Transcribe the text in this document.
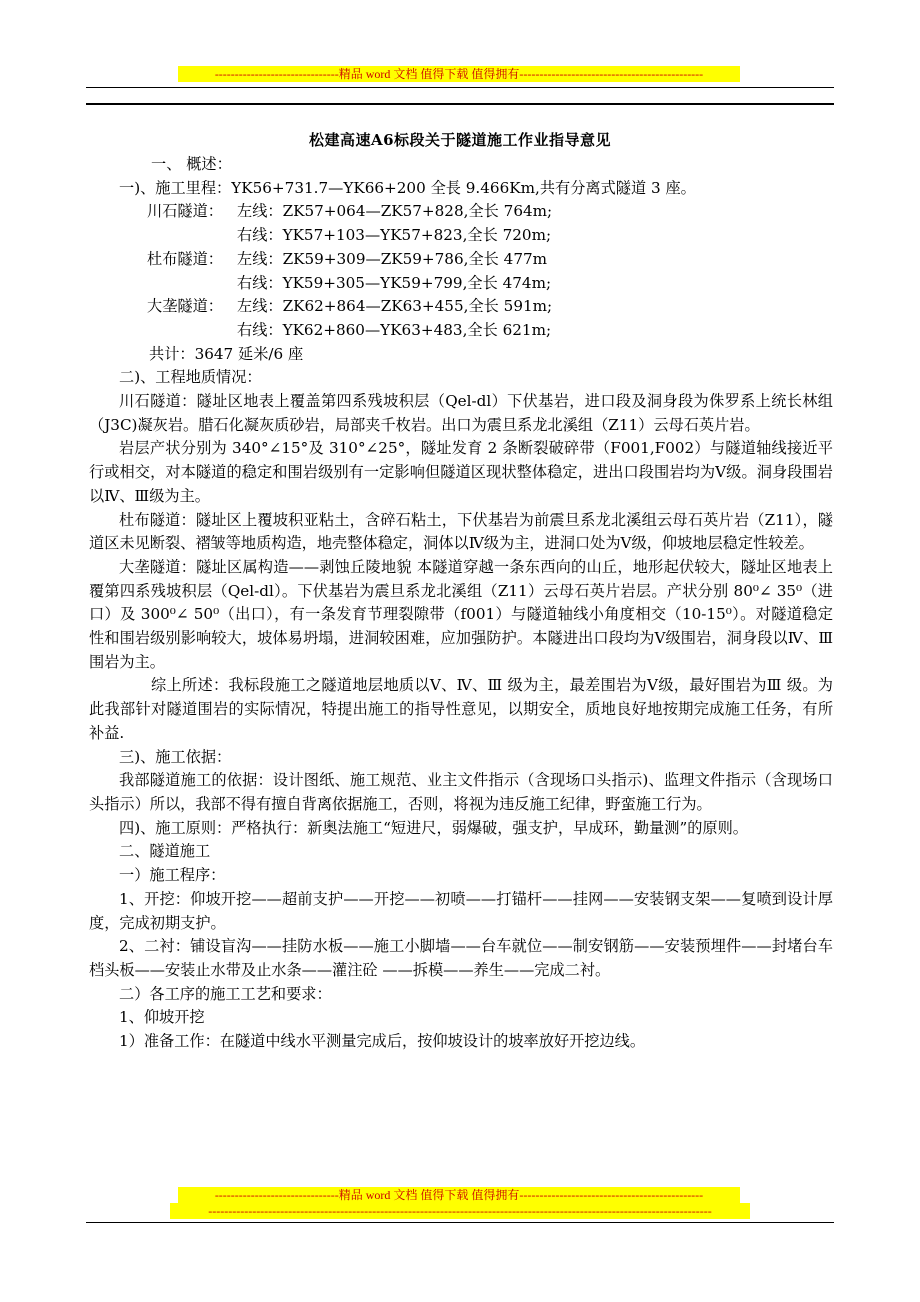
-------------------------------精品 word 文档 值得下载 值得拥有----------------------------------------------
松建高速A6标段关于隧道施工作业指导意见

一、 概述：

一)、施工里程：YK56+731.7—YK66+200 全長 9.466Km,共有分离式隧道 3 座。

川石隧道： 左线：ZK57+064—ZK57+828,全长 764m;
右线：YK57+103—YK57+823,全长 720m;
杜布隧道： 左线：ZK59+309—ZK59+786,全长 477m
右线：YK59+305—YK59+799,全长 474m;
大垄隧道： 左线：ZK62+864—ZK63+455,全长 591m;
右线：YK62+860—YK63+483,全长 621m;

共计：3647 延米/6 座

二)、工程地质情况：

川石隧道：隧址区地表上覆盖第四系残坡积层（Qel-dl）下伏基岩，进口段及洞身段为侏罗系上统长林组（J3C)凝灰岩。腊石化凝灰质砂岩，局部夹千枚岩。出口为震旦系龙北溪组（Z11）云母石英片岩。

岩层产状分别为 340°∠15°及 310°∠25°，隧址发育 2 条断裂破碎带（F001,F002）与隧道轴线接近平行或相交，对本隧道的稳定和围岩级别有一定影响但隧道区现状整体稳定，进出口段围岩均为Ⅴ级。洞身段围岩以Ⅳ、Ⅲ级为主。

杜布隧道：隧址区上覆坡积亚粘土，含碎石粘土，下伏基岩为前震旦系龙北溪组云母石英片岩（Z11），隧道区未见断裂、褶皱等地质构造，地壳整体稳定，洞体以Ⅳ级为主，进洞口处为Ⅴ级，仰坡地层稳定性较差。

大垄隧道：隧址区属构造——剥蚀丘陵地貌 本隧道穿越一条东西向的山丘，地形起伏较大，隧址区地表上覆第四系残坡积层（Qel-dl）。下伏基岩为震旦系龙北溪组（Z11）云母石英片岩层。产状分别 80⁰∠ 35⁰（进口）及 300⁰∠ 50⁰（出口），有一条发育节理裂隙带（f001）与隧道轴线小角度相交（10-15⁰）。对隧道稳定性和围岩级别影响较大，坡体易坍塌，进洞较困难，应加强防护。本隧进出口段均为Ⅴ级围岩，洞身段以Ⅳ、Ⅲ围岩为主。

综上所述：我标段施工之隧道地层地质以Ⅴ、Ⅳ、Ⅲ 级为主，最差围岩为Ⅴ级，最好围岩为Ⅲ 级。为此我部针对隧道围岩的实际情况，特提出施工的指导性意见，以期安全，质地良好地按期完成施工任务，有所补益.

三)、施工依据：

我部隧道施工的依据：设计图纸、施工规范、业主文件指示（含现场口头指示)、监理文件指示（含现场口头指示）所以，我部不得有擅自背离依据施工，否则，将视为违反施工纪律，野蛮施工行为。

四)、施工原则：严格执行：新奥法施工“短进尺，弱爆破，强支护，早成环，勤量测”的原则。

二、隧道施工

一）施工程序：

1、开挖：仰坡开挖——超前支护——开挖——初喷——打锚杆——挂网——安装钢支架——复喷到设计厚度，完成初期支护。

2、二衬：铺设盲沟——挂防水板——施工小脚墙——台车就位——制安钢筋——安装预埋件——封堵台车档头板——安装止水带及止水条——灌注砼 ——拆模——养生——完成二衬。

二）各工序的施工工艺和要求：

1、仰坡开挖

1）准备工作：在隧道中线水平测量完成后，按仰坡设计的坡率放好开挖边线。

-------------------------------精品 word 文档 值得下载 值得拥有----------------------------------------------
------------------------------------------------------------------------------------------------------------------------------
